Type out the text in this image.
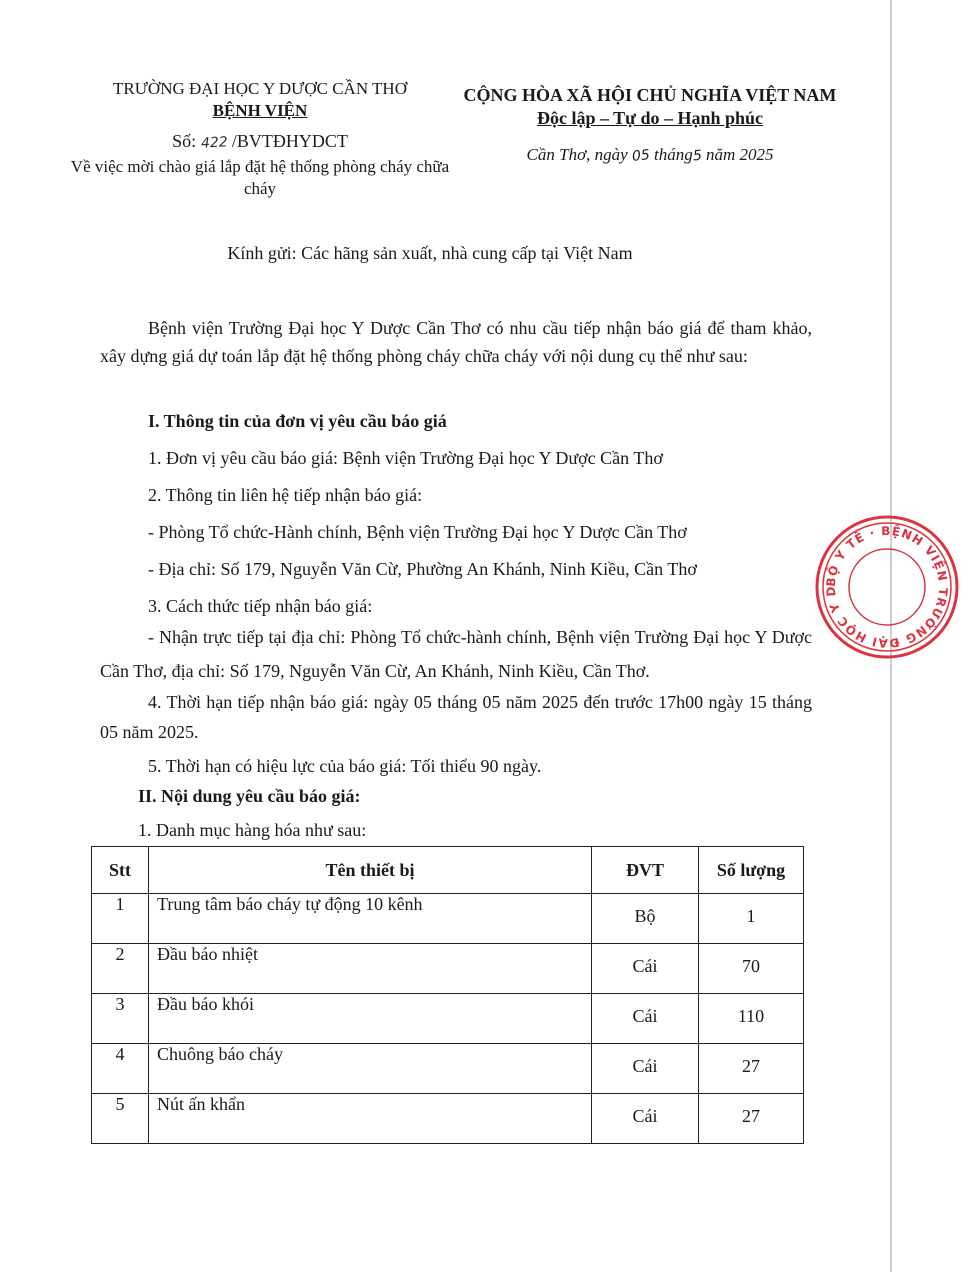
TRƯỜNG ĐẠI HỌC Y DƯỢC CẦN THƠ
BỆNH VIỆN
Số: 422 /BVTĐHYDCT
Về việc mời chào giá lắp đặt hệ thống phòng cháy chữa cháy
CỘNG HÒA XÃ HỘI CHỦ NGHĨA VIỆT NAM
Độc lập – Tự do – Hạnh phúc
Cần Thơ, ngày 05 tháng5 năm 2025
Kính gửi: Các hãng sản xuất, nhà cung cấp tại Việt Nam
Bệnh viện Trường Đại học Y Dược Cần Thơ có nhu cầu tiếp nhận báo giá để tham khảo, xây dựng giá dự toán lắp đặt hệ thống phòng cháy chữa cháy với nội dung cụ thể như sau:
I. Thông tin của đơn vị yêu cầu báo giá
1. Đơn vị yêu cầu báo giá: Bệnh viện Trường Đại học Y Dược Cần Thơ
2. Thông tin liên hệ tiếp nhận báo giá:
- Phòng Tổ chức-Hành chính, Bệnh viện Trường Đại học Y Dược Cần Thơ
- Địa chỉ: Số 179, Nguyễn Văn Cừ, Phường An Khánh, Ninh Kiều, Cần Thơ
3. Cách thức tiếp nhận báo giá:
- Nhận trực tiếp tại địa chỉ: Phòng Tổ chức-hành chính, Bệnh viện Trường Đại học Y Dược Cần Thơ, địa chỉ: Số 179, Nguyễn Văn Cừ, An Khánh, Ninh Kiều, Cần Thơ.
4. Thời hạn tiếp nhận báo giá: ngày 05 tháng 05 năm 2025 đến trước 17h00 ngày 15 tháng 05 năm 2025.
5. Thời hạn có hiệu lực của báo giá: Tối thiểu 90 ngày.
II. Nội dung yêu cầu báo giá:
1. Danh mục hàng hóa như sau:
Stt	Tên thiết bị	ĐVT	Số lượng
1	Trung tâm báo cháy tự động 10 kênh	Bộ	1
2	Đầu báo nhiệt	Cái	70
3	Đầu báo khói	Cái	110
4	Chuông báo cháy	Cái	27
5	Nút ấn khẩn	Cái	27
BỘ Y TẾ · BỆNH VIỆN TRƯỜNG ĐẠI HỌC Y D
